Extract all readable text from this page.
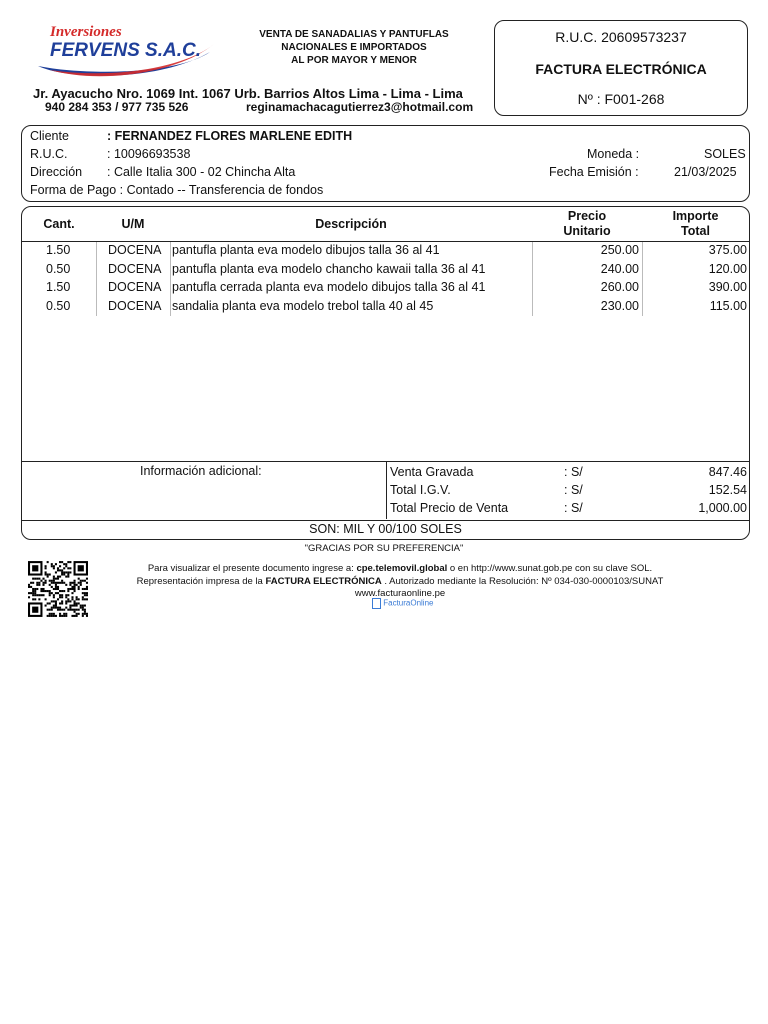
Inversiones
FERVENS S.A.C.
VENTA DE SANADALIAS Y PANTUFLAS
NACIONALES E IMPORTADOS
AL POR MAYOR Y MENOR
Jr. Ayacucho Nro. 1069 Int. 1067 Urb. Barrios Altos Lima - Lima - Lima
940 284 353 / 977 735 526	reginamachacagutierrez3@hotmail.com
R.U.C. 20609573237
FACTURA ELECTRÓNICA
Nº : F001-268
Cliente	: FERNANDEZ FLORES MARLENE EDITH
R.U.C.	: 10096693538
Dirección : Calle Italia 300 - 02 Chincha Alta
Forma de Pago : Contado -- Transferencia de fondos
Moneda :	SOLES
Fecha Emisión :	21/03/2025
Cant.	U/M	Descripción
Precio
Unitario
Importe
Total
1.50	DOCENA pantufla planta eva modelo dibujos talla 36 al 41	250.00	375.00
0.50	DOCENA pantufla planta eva modelo chancho kawaii talla 36 al 41	240.00	120.00
1.50	DOCENA pantufla cerrada planta eva modelo dibujos talla 36 al 41	260.00	390.00
0.50	DOCENA sandalia planta eva modelo trebol talla 40 al 45	230.00	115.00
Información adicional:	Venta Gravada	: S/	847.46
Total I.G.V.	: S/	152.54
Total Precio de Venta	: S/	1,000.00
SON: MIL Y 00/100 SOLES
"GRACIAS POR SU PREFERENCIA"
Para visualizar el presente documento ingrese a: cpe.telemovil.global o en http://www.sunat.gob.pe con su clave SOL.
Representación impresa de la FACTURA ELECTRÓNICA . Autorizado mediante la Resolución: Nº 034-030-0000103/SUNAT
www.facturaonline.pe
FacturaOnline
